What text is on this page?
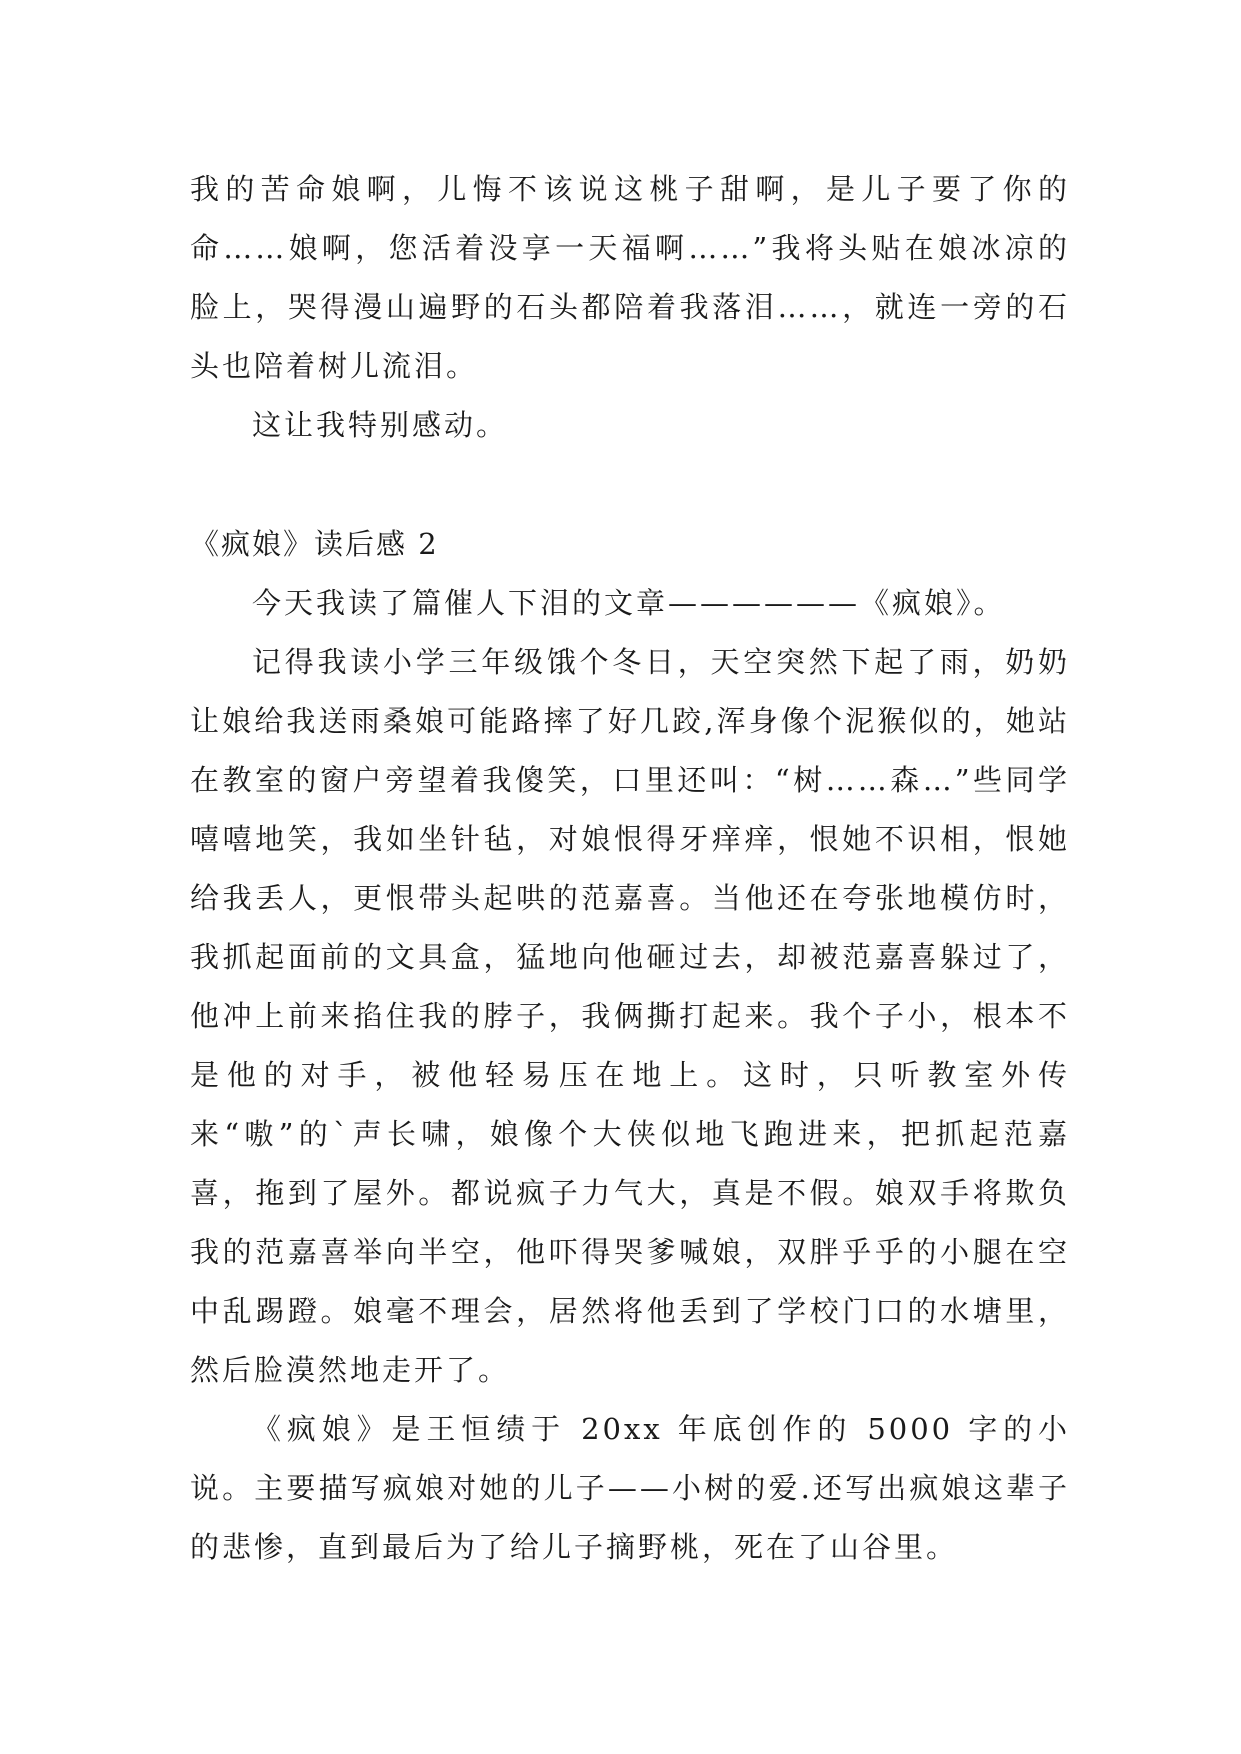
我的苦命娘啊，儿悔不该说这桃子甜啊，是儿子要了你的命……娘啊，您活着没享一天福啊……”我将头贴在娘冰凉的脸上，哭得漫山遍野的石头都陪着我落泪……，就连一旁的石头也陪着树儿流泪。

这让我特别感动。

《疯娘》读后感 2

今天我读了篇催人下泪的文章——————《疯娘》。

记得我读小学三年级饿个冬日，天空突然下起了雨，奶奶让娘给我送雨桑娘可能路摔了好几跤,浑身像个泥猴似的，她站在教室的窗户旁望着我傻笑，口里还叫：“树……森…”些同学嘻嘻地笑，我如坐针毡，对娘恨得牙痒痒，恨她不识相，恨她给我丢人，更恨带头起哄的范嘉喜。当他还在夸张地模仿时，我抓起面前的文具盒，猛地向他砸过去，却被范嘉喜躲过了，他冲上前来掐住我的脖子，我俩撕打起来。我个子小，根本不是他的对手，被他轻易压在地上。这时，只听教室外传来“嗷”的`声长啸，娘像个大侠似地飞跑进来，把抓起范嘉喜，拖到了屋外。都说疯子力气大，真是不假。娘双手将欺负我的范嘉喜举向半空，他吓得哭爹喊娘，双胖乎乎的小腿在空中乱踢蹬。娘毫不理会，居然将他丢到了学校门口的水塘里，然后脸漠然地走开了。

《疯娘》是王恒绩于 20xx 年底创作的 5000 字的小说。主要描写疯娘对她的儿子——小树的爱.还写出疯娘这辈子的悲惨，直到最后为了给儿子摘野桃，死在了山谷里。
